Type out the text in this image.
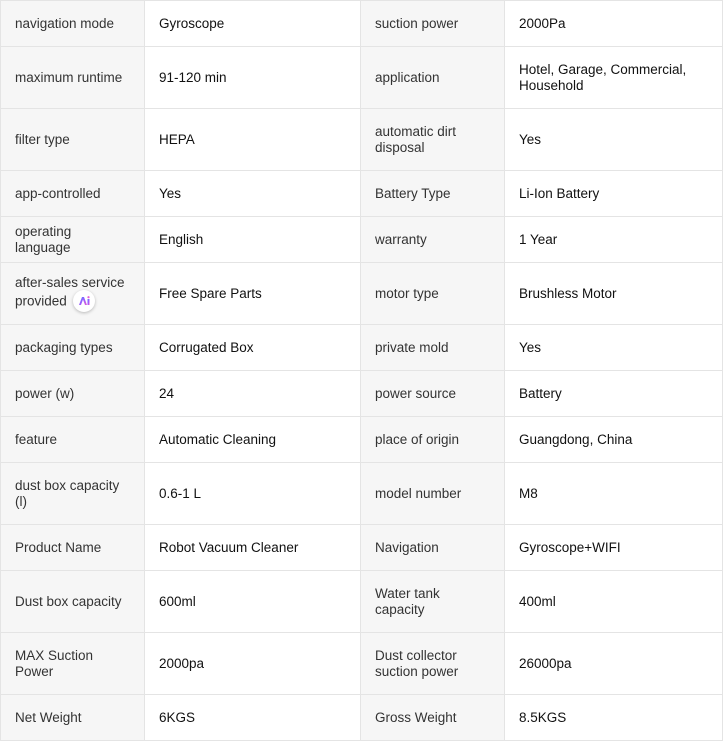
navigation mode	Gyroscope	suction power	2000Pa
maximum runtime	91-120 min	application	Hotel, Garage, Commercial, Household
filter type	HEPA	automatic dirt disposal	Yes
app-controlled	Yes	Battery Type	Li-Ion Battery
operating language	English	warranty	1 Year
after-sales service provided	Free Spare Parts	motor type	Brushless Motor
packaging types	Corrugated Box	private mold	Yes
power (w)	24	power source	Battery
feature	Automatic Cleaning	place of origin	Guangdong, China
dust box capacity (l)	0.6-1 L	model number	M8
Product Name	Robot Vacuum Cleaner	Navigation	Gyroscope+WIFI
Dust box capacity	600ml	Water tank capacity	400ml
MAX Suction Power	2000pa	Dust collector suction power	26000pa
Net Weight	6KGS	Gross Weight	8.5KGS
